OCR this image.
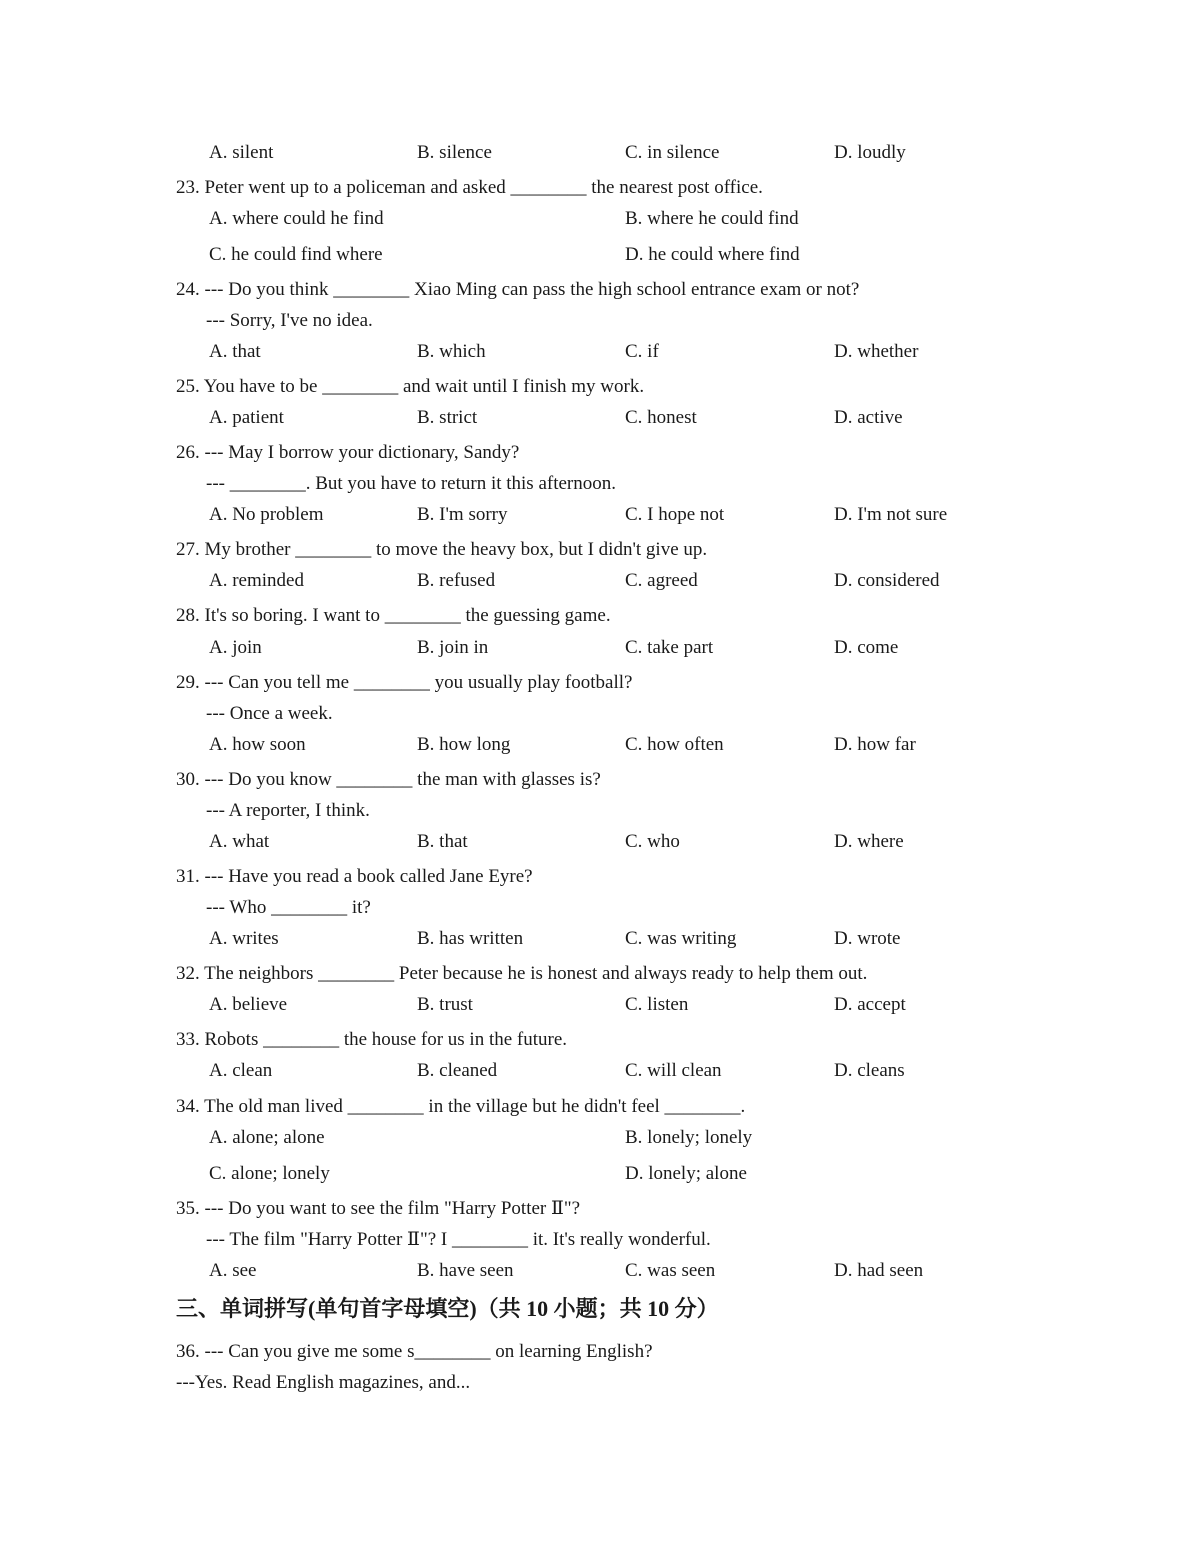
A. silent	B. silence	C. in silence	D. loudly
23. Peter went up to a policeman and asked ________ the nearest post office.
A. where could he find	B. where he could find
C. he could find where	D. he could where find
24. --- Do you think ________ Xiao Ming can pass the high school entrance exam or not?
--- Sorry, I've no idea.
A. that	B. which	C. if	D. whether
25. You have to be ________ and wait until I finish my work.
A. patient	B. strict	C. honest	D. active
26. --- May I borrow your dictionary, Sandy?
--- ________. But you have to return it this afternoon.
A. No problem	B. I'm sorry	C. I hope not	D. I'm not sure
27. My brother ________ to move the heavy box, but I didn't give up.
A. reminded	B. refused	C. agreed	D. considered
28. It's so boring. I want to ________ the guessing game.
A. join	B. join in	C. take part	D. come
29. --- Can you tell me ________ you usually play football?
--- Once a week.
A. how soon	B. how long	C. how often	D. how far
30. --- Do you know ________ the man with glasses is?
--- A reporter, I think.
A. what	B. that	C. who	D. where
31. --- Have you read a book called Jane Eyre?
--- Who ________ it?
A. writes	B. has written	C. was writing	D. wrote
32. The neighbors ________ Peter because he is honest and always ready to help them out.
A. believe	B. trust	C. listen	D. accept
33. Robots ________ the house for us in the future.
A. clean	B. cleaned	C. will clean	D. cleans
34. The old man lived ________ in the village but he didn't feel ________.
A. alone; alone	B. lonely; lonely
C. alone; lonely	D. lonely; alone
35. --- Do you want to see the film "Harry Potter Ⅱ"?
--- The film "Harry Potter Ⅱ"? I ________ it. It's really wonderful.
A. see	B. have seen	C. was seen	D. had seen
三、单词拼写(单句首字母填空)（共 10 小题；共 10 分）
36. --- Can you give me some s________ on learning English?
---Yes. Read English magazines, and...
